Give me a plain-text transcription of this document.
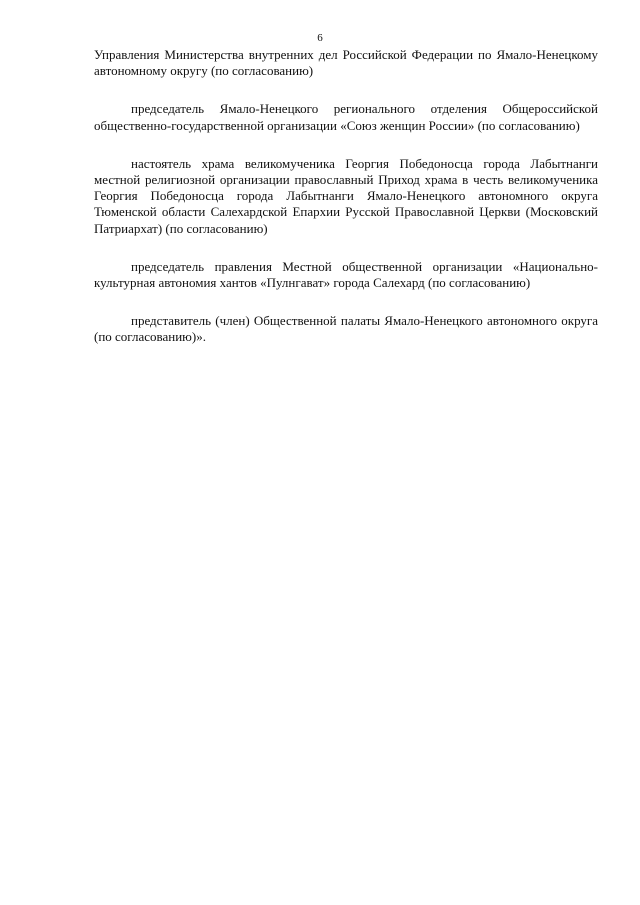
6

Управления Министерства внутренних дел Российской Федерации по Ямало-Ненецкому автономному округу (по согласованию)

председатель Ямало-Ненецкого регионального отделения Общероссийской общественно-государственной организации «Союз женщин России» (по согласованию)

настоятель храма великомученика Георгия Победоносца города Лабытнанги местной религиозной организации православный Приход храма в честь великомученика Георгия Победоносца города Лабытнанги Ямало-Ненецкого автономного округа Тюменской области Салехардской Епархии Русской Православной Церкви (Московский Патриархат) (по согласованию)

председатель правления Местной общественной организации «Национально-культурная автономия хантов «Пулнгават» города Салехард (по согласованию)

представитель (член) Общественной палаты Ямало-Ненецкого автономного округа (по согласованию)».
